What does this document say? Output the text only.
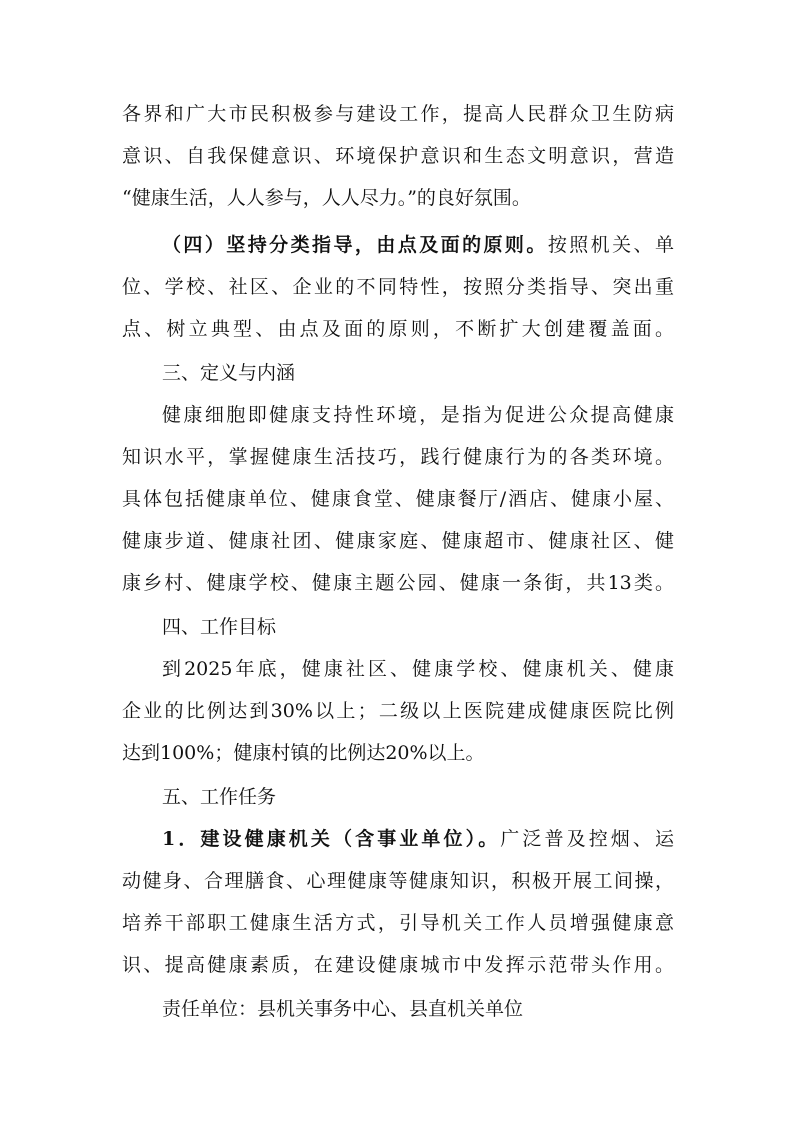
各界和广大市民积极参与建设工作，提高人民群众卫生防病
意识、自我保健意识、环境保护意识和生态文明意识，营造
“健康生活，人人参与，人人尽力。”的良好氛围。
（四）坚持分类指导，由点及面的原则。按照机关、单
位、学校、社区、企业的不同特性，按照分类指导、突出重
点、树立典型、由点及面的原则，不断扩大创建覆盖面。
三、定义与内涵
健康细胞即健康支持性环境，是指为促进公众提高健康
知识水平，掌握健康生活技巧，践行健康行为的各类环境。
具体包括健康单位、健康食堂、健康餐厅/酒店、健康小屋、
健康步道、健康社团、健康家庭、健康超市、健康社区、健
康乡村、健康学校、健康主题公园、健康一条街，共13类。
四、工作目标
到2025年底，健康社区、健康学校、健康机关、健康
企业的比例达到30%以上；二级以上医院建成健康医院比例
达到100%；健康村镇的比例达20%以上。
五、工作任务
1．建设健康机关（含事业单位）。广泛普及控烟、运
动健身、合理膳食、心理健康等健康知识，积极开展工间操，
培养干部职工健康生活方式，引导机关工作人员增强健康意
识、提高健康素质，在建设健康城市中发挥示范带头作用。
责任单位：县机关事务中心、县直机关单位
